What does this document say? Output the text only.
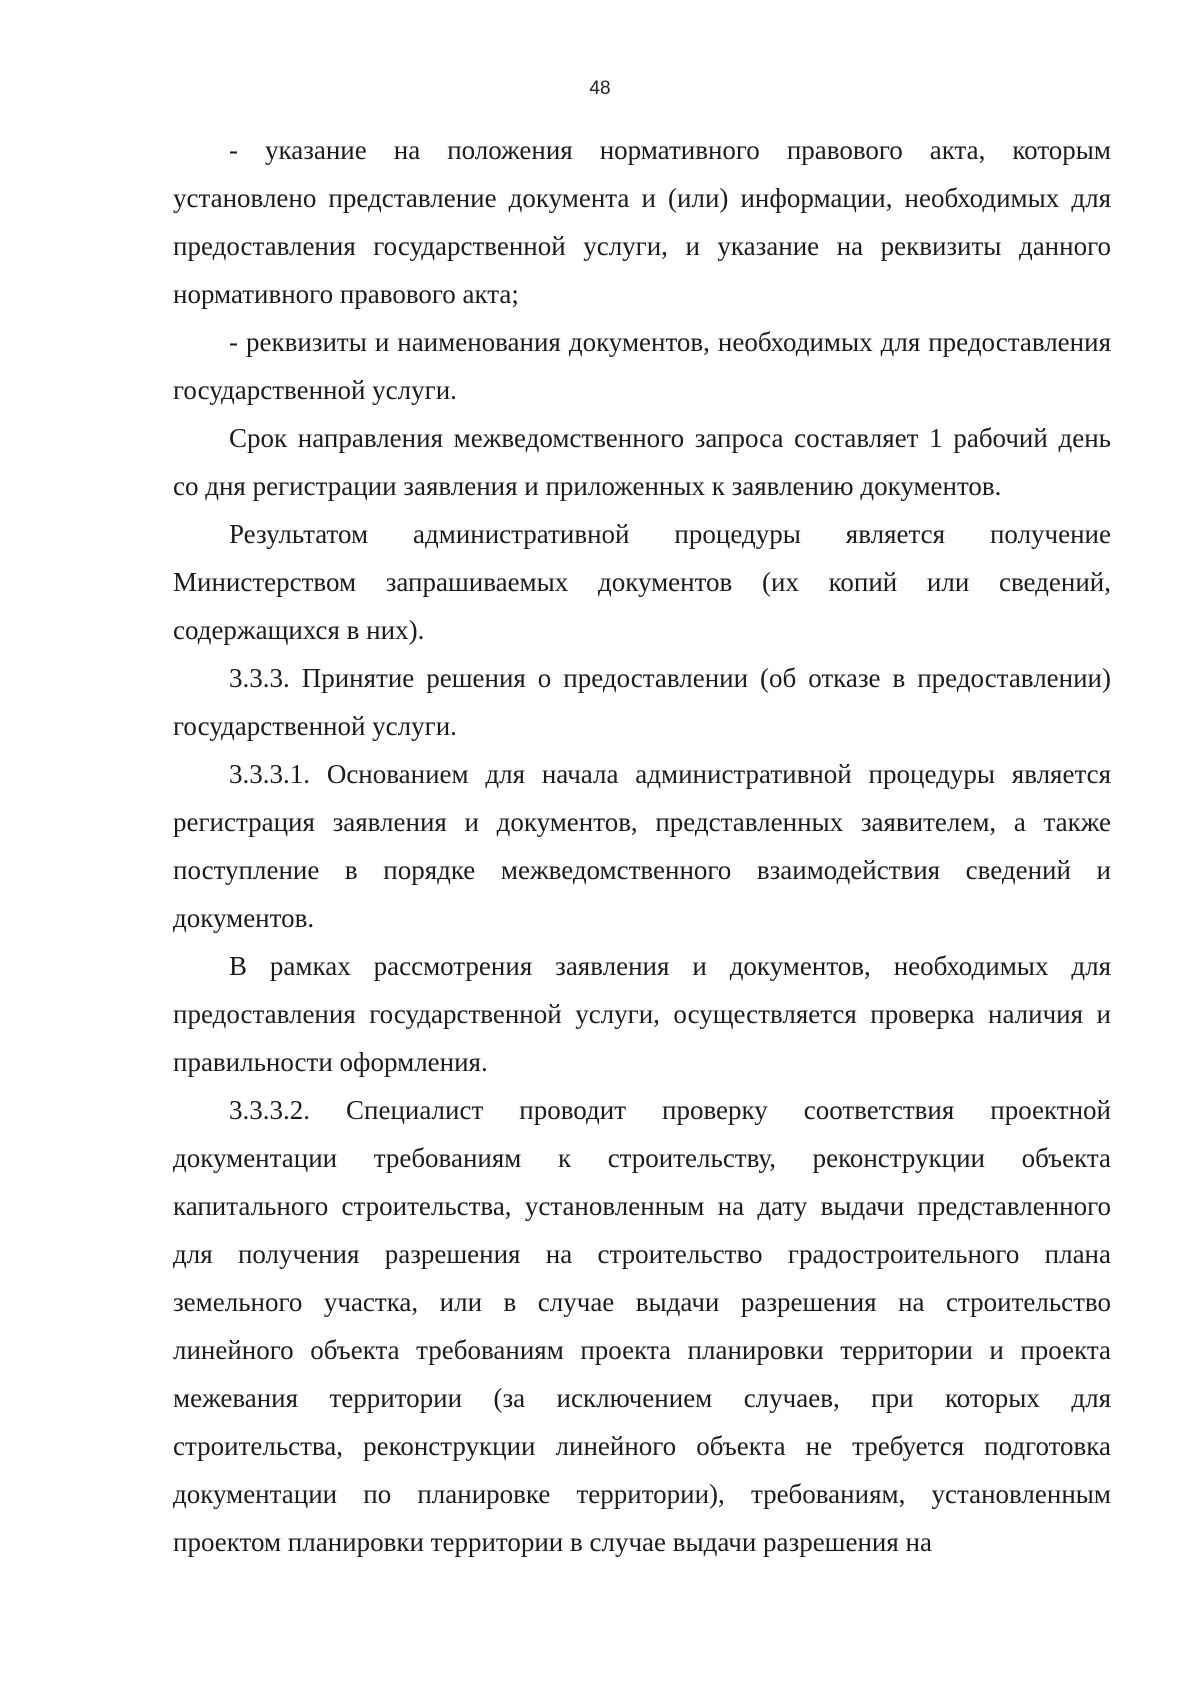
48

- указание на положения нормативного правового акта, которым установлено представление документа и (или) информации, необходимых для предоставления государственной услуги, и указание на реквизиты данного нормативного правового акта;

- реквизиты и наименования документов, необходимых для предоставления государственной услуги.

Срок направления межведомственного запроса составляет 1 рабочий день со дня регистрации заявления и приложенных к заявлению документов.

Результатом административной процедуры является получение Министерством запрашиваемых документов (их копий или сведений, содержащихся в них).

3.3.3. Принятие решения о предоставлении (об отказе в предоставлении) государственной услуги.

3.3.3.1. Основанием для начала административной процедуры является регистрация заявления и документов, представленных заявителем, а также поступление в порядке межведомственного взаимодействия сведений и документов.

В рамках рассмотрения заявления и документов, необходимых для предоставления государственной услуги, осуществляется проверка наличия и правильности оформления.

3.3.3.2. Специалист проводит проверку соответствия проектной документации требованиям к строительству, реконструкции объекта капитального строительства, установленным на дату выдачи представленного для получения разрешения на строительство градостроительного плана земельного участка, или в случае выдачи разрешения на строительство линейного объекта требованиям проекта планировки территории и проекта межевания территории (за исключением случаев, при которых для строительства, реконструкции линейного объекта не требуется подготовка документации по планировке территории), требованиям, установленным проектом планировки территории в случае выдачи разрешения на
